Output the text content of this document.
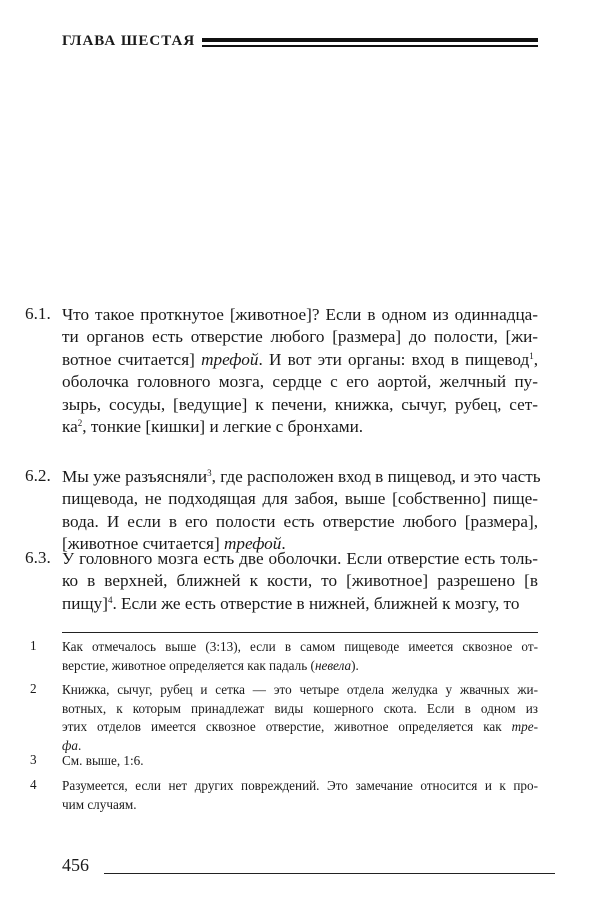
ГЛАВА ШЕСТАЯ
6.1. Что такое проткнутое [животное]? Если в одном из одиннадца-
ти органов есть отверстие любого [размера] до полости, [жи-
вотное считается] трефой. И вот эти органы: вход в пищевод$^1$,
оболочка головного мозга, сердце с его аортой, желчный пу-
зырь, сосуды, [ведущие] к печени, книжка, сычуг, рубец, сет-
$ка^2$, тонкие [кишки] и легкие с бронхами.
6.2. Мы уже разъясняли$^3$, где расположен вход в пищевод, и это часть
пищевода, не подходящая для забоя, выше [собственно] пище-
вода. И если в его полости есть отверстие любого [размера],
[животное считается] трефой.
6.3. У головного мозга есть две оболочки. Если отверстие есть толь-
ко в верхней, ближней к кости, то [животное] разрешено [в
пищу]$^4$. Если же есть отверстие в нижней, ближней к мозгу, то
1 Как отмечалось выше (3:13), если в самом пищеводе имеется сквозное от-
верстие, животное определяется как падаль (невела).
2 Книжка, сычуг, рубец и сетка — это четыре отдела желудка у жвачных жи-
вотных, к которым принадлежат виды кошерного скота. Если в одном из
этих отделов имеется сквозное отверстие, животное определяется как тре-
фа.
3 См. выше, 1:6.
4 Разумеется, если нет других повреждений. Это замечание относится и к про-
чим случаям.
456
